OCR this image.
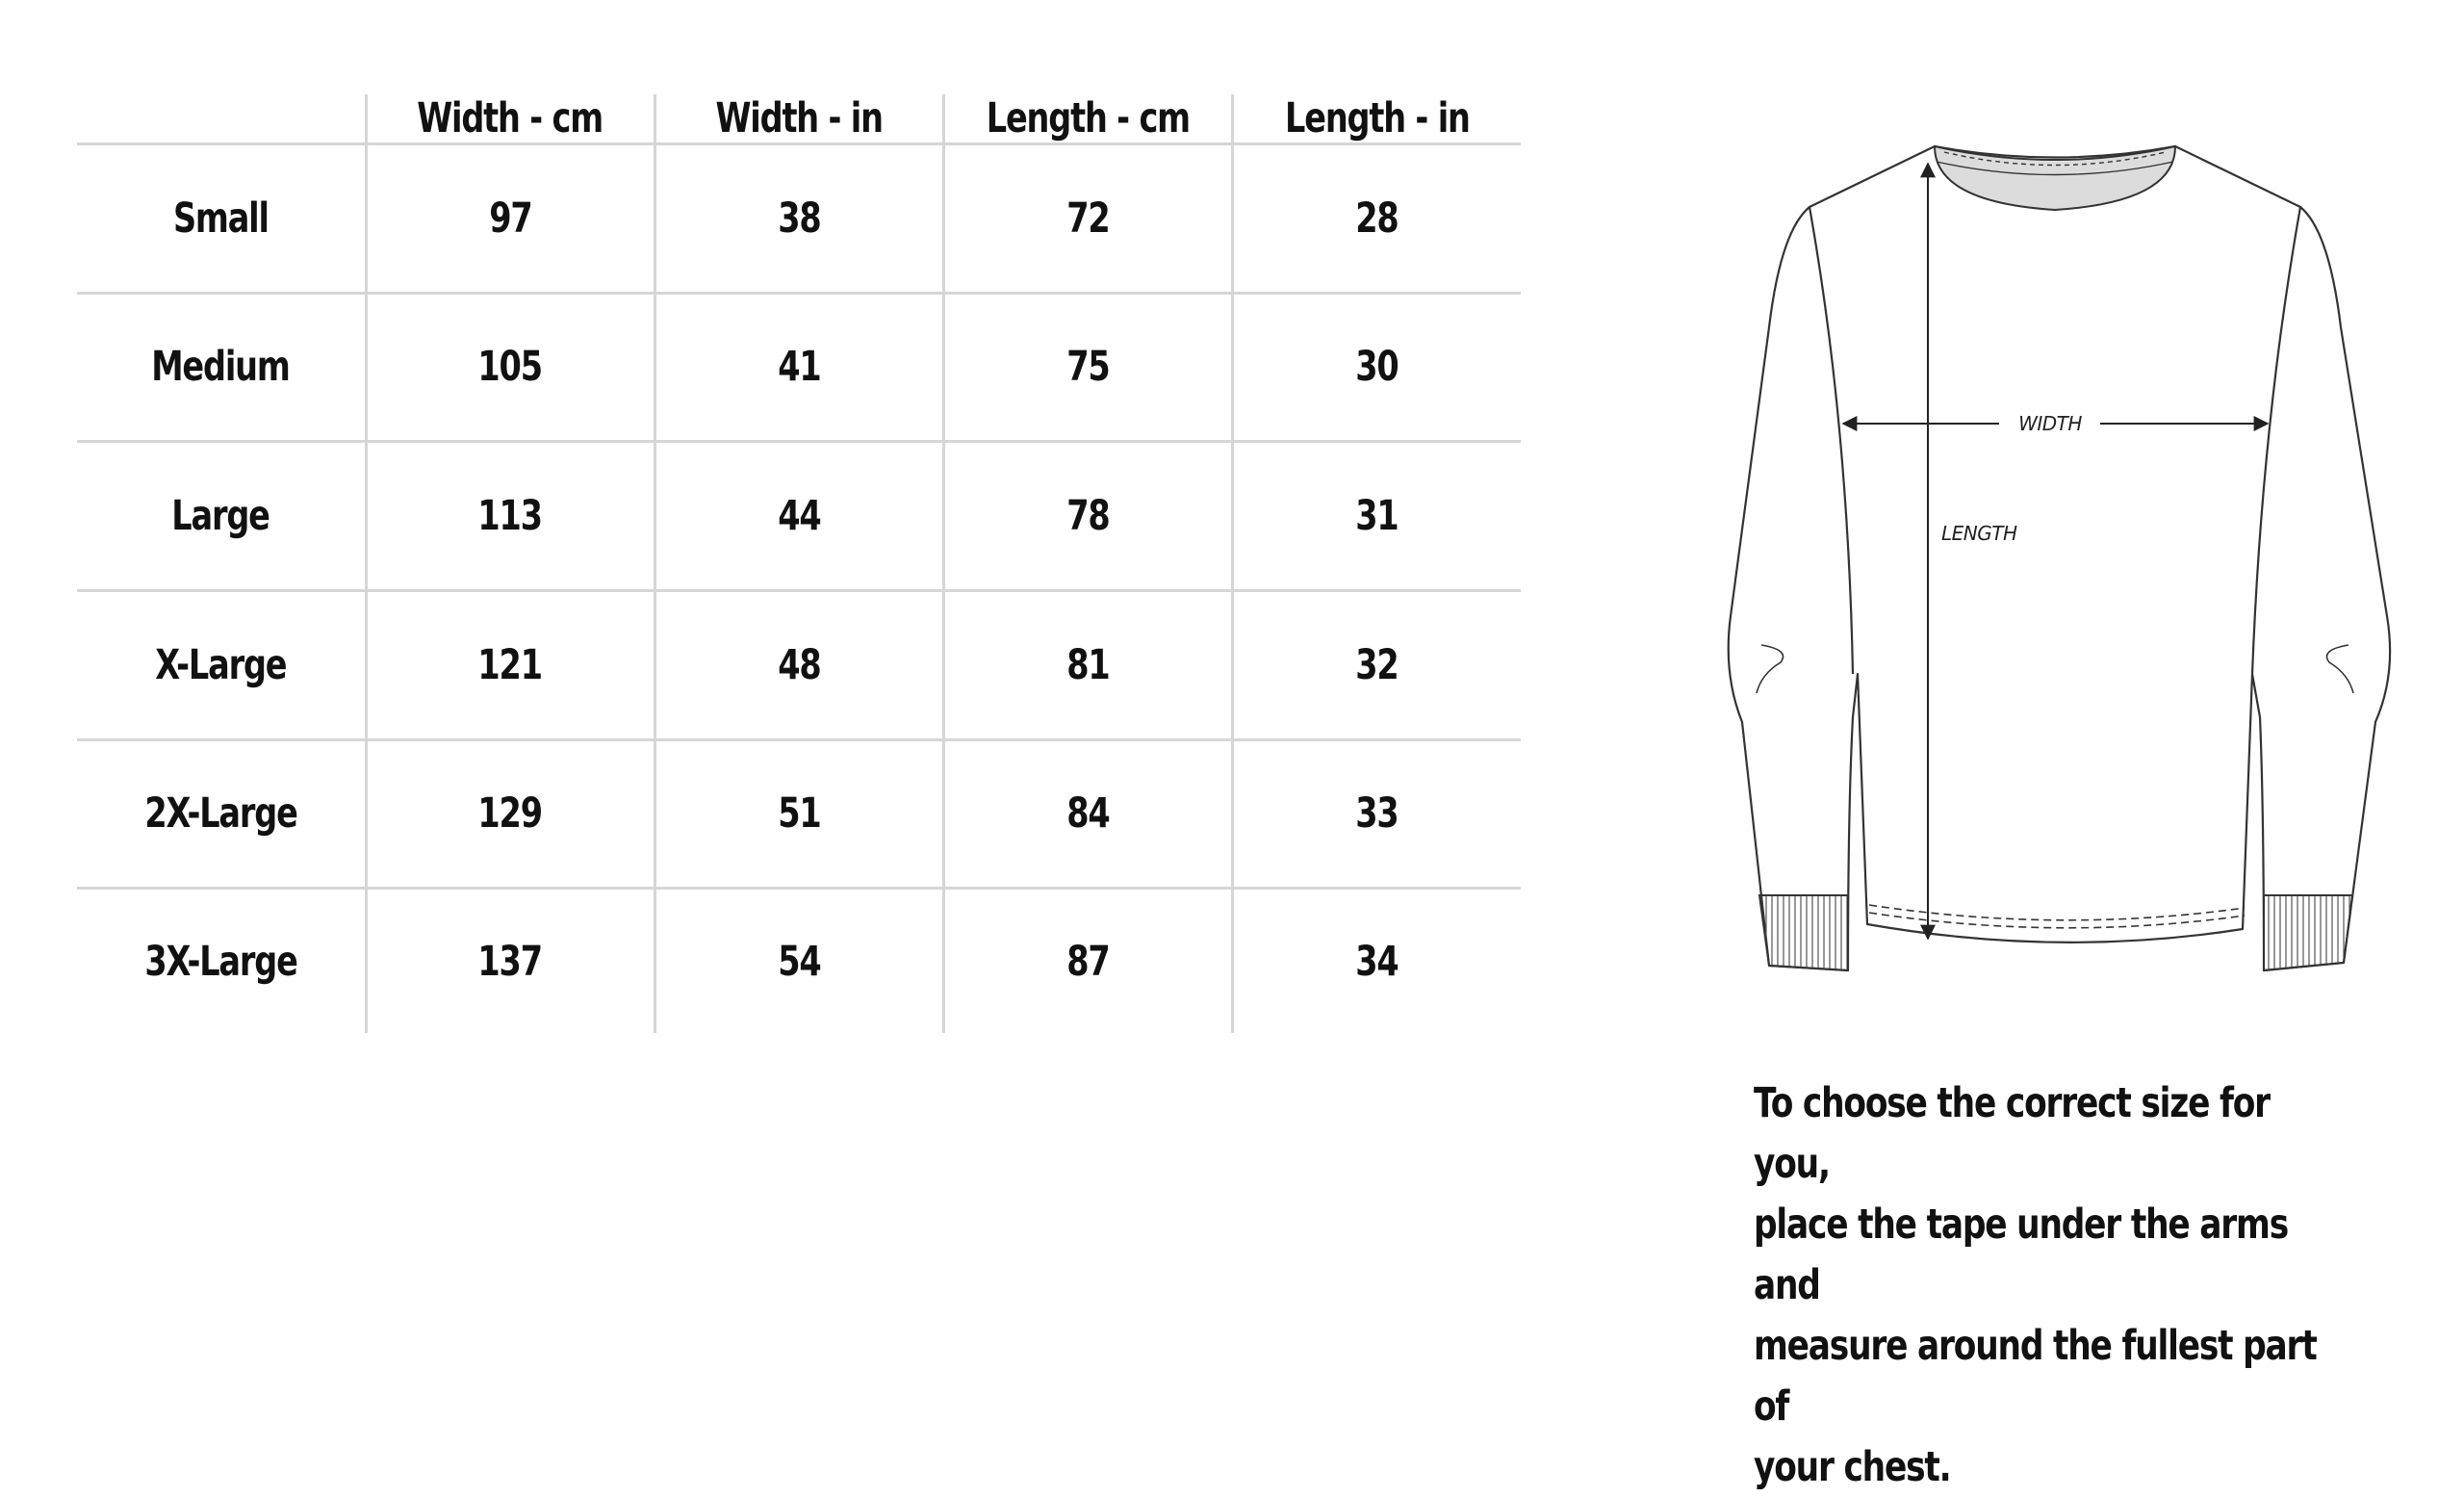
	Width - cm	Width - in	Length - cm	Length - in
Small	97	38	72	28
Medium	105	41	75	30
Large	113	44	78	31
X-Large	121	48	81	32
2X-Large	129	51	84	33
3X-Large	137	54	87	34
WIDTH
LENGTH
To choose the correct size for you,
place the tape under the arms and
measure around the fullest part of
your chest.
